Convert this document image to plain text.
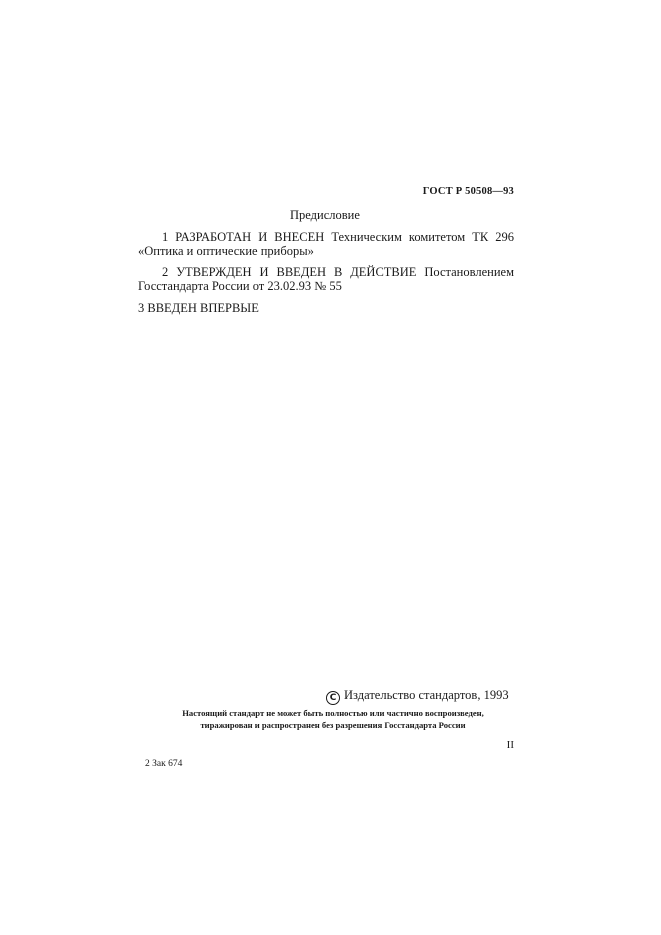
ГОСТ Р 50508—93
Предисловие
1 РАЗРАБОТАН И ВНЕСЕН Техническим комитетом ТК 296
«Оптика и оптические приборы»
2 УТВЕРЖДЕН И ВВЕДЕН В ДЕЙСТВИЕ Постановлением
Госстандарта России от 23.02.93 № 55
3 ВВЕДЕН ВПЕРВЫЕ
C Издательство стандартов, 1993
Настоящий стандарт не может быть полностью или частично воспроизведен,
тиражирован и распространен без разрешения Госстандарта России
II
2 Зак 674
